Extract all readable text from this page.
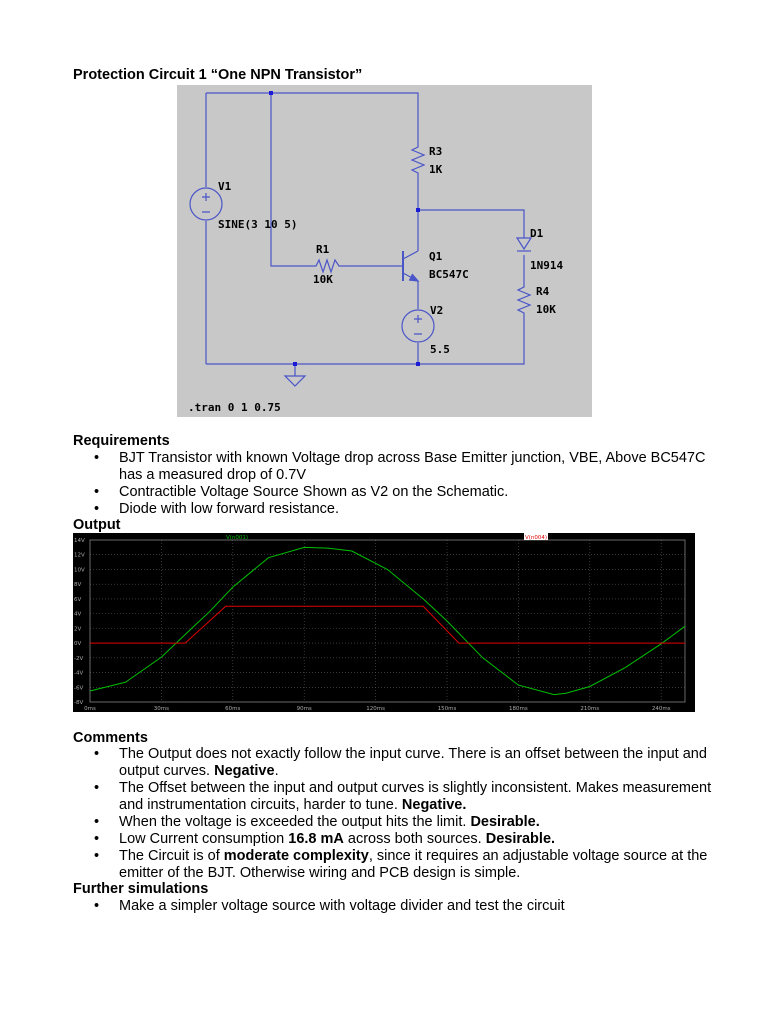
Protection Circuit 1 “One NPN Transistor”
V1
SINE(3 10 5)
R1
10K
R3
1K
Q1
BC547C
D1
1N914
R4
10K
V2
5.5
.tran 0 1 0.75
Requirements
• BJT Transistor with known Voltage drop across Base Emitter junction, VBE, Above BC547C has a measured drop of 0.7V
• Contractible Voltage Source Shown as V2 on the Schematic.
• Diode with low forward resistance.
Output
14V
12V
10V
8V
6V
4V
2V
0V
-2V
-4V
-6V
-8V
0ms	30ms	60ms	90ms	120ms	150ms	180ms	210ms	240ms
V(n001)	V(n004)
Comments
• The Output does not exactly follow the input curve. There is an offset between the input and output curves. Negative.
• The Offset between the input and output curves is slightly inconsistent. Makes measurement and instrumentation circuits, harder to tune. Negative.
• When the voltage is exceeded the output hits the limit. Desirable.
• Low Current consumption 16.8 mA across both sources. Desirable.
• The Circuit is of moderate complexity, since it requires an adjustable voltage source at the emitter of the BJT. Otherwise wiring and PCB design is simple.
Further simulations
• Make a simpler voltage source with voltage divider and test the circuit
